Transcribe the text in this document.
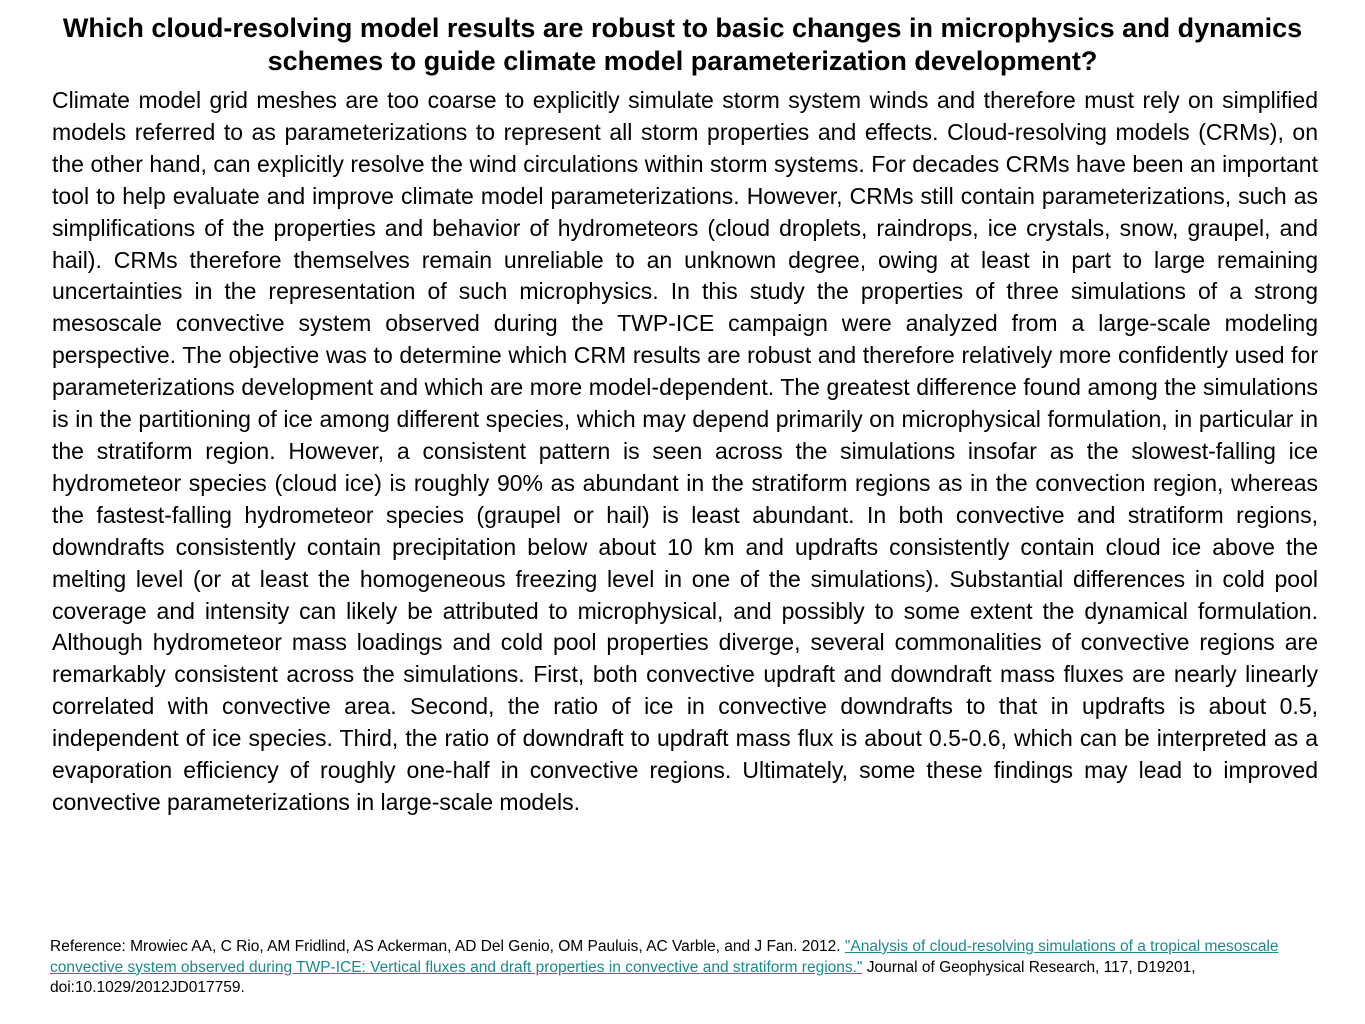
Which cloud-resolving model results are robust to basic changes in microphysics and dynamics schemes to guide climate model parameterization development?

Climate model grid meshes are too coarse to explicitly simulate storm system winds and therefore must rely on simplified models referred to as parameterizations to represent all storm properties and effects. Cloud-resolving models (CRMs), on the other hand, can explicitly resolve the wind circulations within storm systems. For decades CRMs have been an important tool to help evaluate and improve climate model parameterizations. However, CRMs still contain parameterizations, such as simplifications of the properties and behavior of hydrometeors (cloud droplets, raindrops, ice crystals, snow, graupel, and hail). CRMs therefore themselves remain unreliable to an unknown degree, owing at least in part to large remaining uncertainties in the representation of such microphysics. In this study the properties of three simulations of a strong mesoscale convective system observed during the TWP-ICE campaign were analyzed from a large-scale modeling perspective. The objective was to determine which CRM results are robust and therefore relatively more confidently used for parameterizations development and which are more model-dependent. The greatest difference found among the simulations is in the partitioning of ice among different species, which may depend primarily on microphysical formulation, in particular in the stratiform region. However, a consistent pattern is seen across the simulations insofar as the slowest-falling ice hydrometeor species (cloud ice) is roughly 90% as abundant in the stratiform regions as in the convection region, whereas the fastest-falling hydrometeor species (graupel or hail) is least abundant. In both convective and stratiform regions, downdrafts consistently contain precipitation below about 10 km and updrafts consistently contain cloud ice above the melting level (or at least the homogeneous freezing level in one of the simulations). Substantial differences in cold pool coverage and intensity can likely be attributed to microphysical, and possibly to some extent the dynamical formulation. Although hydrometeor mass loadings and cold pool properties diverge, several commonalities of convective regions are remarkably consistent across the simulations. First, both convective updraft and downdraft mass fluxes are nearly linearly correlated with convective area. Second, the ratio of ice in convective downdrafts to that in updrafts is about 0.5, independent of ice species. Third, the ratio of downdraft to updraft mass flux is about 0.5-0.6, which can be interpreted as a evaporation efficiency of roughly one-half in convective regions. Ultimately, some these findings may lead to improved convective parameterizations in large-scale models.

Reference: Mrowiec AA, C Rio, AM Fridlind, AS Ackerman, AD Del Genio, OM Pauluis, AC Varble, and J Fan. 2012. "Analysis of cloud-resolving simulations of a tropical mesoscale convective system observed during TWP-ICE: Vertical fluxes and draft properties in convective and stratiform regions." Journal of Geophysical Research, 117, D19201, doi:10.1029/2012JD017759.
